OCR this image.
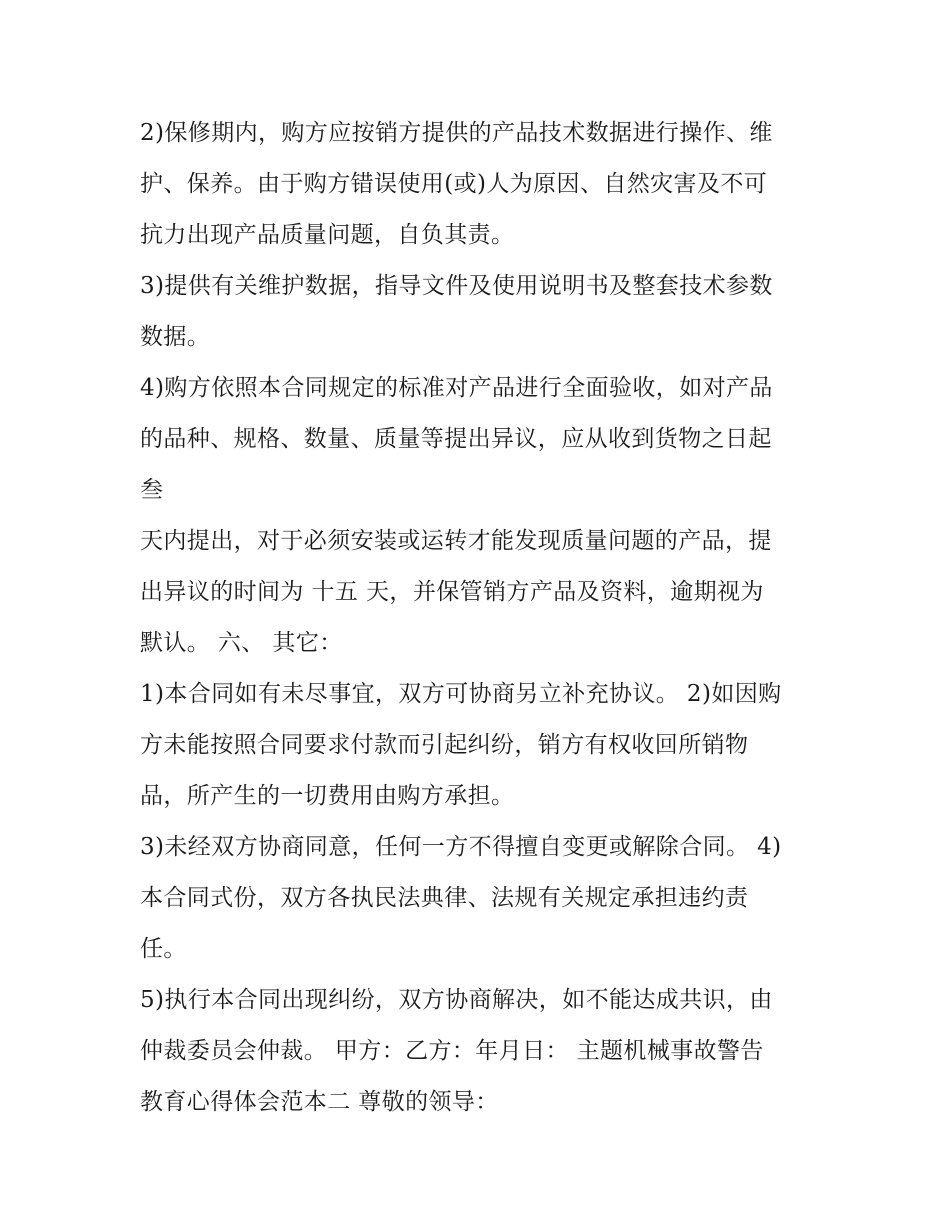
2)保修期内，购方应按销方提供的产品技术数据进行操作、维
护、保养。由于购方错误使用(或)人为原因、自然灾害及不可
抗力出现产品质量问题，自负其责。
3)提供有关维护数据，指导文件及使用说明书及整套技术参数
数据。
4)购方依照本合同规定的标准对产品进行全面验收，如对产品
的品种、规格、数量、质量等提出异议，应从收到货物之日起
叁
天内提出，对于必须安装或运转才能发现质量问题的产品，提
出异议的时间为 十五 天，并保管销方产品及资料，逾期视为
默认。 六、 其它：
1)本合同如有未尽事宜，双方可协商另立补充协议。 2)如因购
方未能按照合同要求付款而引起纠纷，销方有权收回所销物
品，所产生的一切费用由购方承担。
3)未经双方协商同意，任何一方不得擅自变更或解除合同。 4)
本合同式份，双方各执民法典律、法规有关规定承担违约责
任。
5)执行本合同出现纠纷，双方协商解决，如不能达成共识，由
仲裁委员会仲裁。 甲方：乙方：年月日： 主题机械事故警告
教育心得体会范本二 尊敬的领导：
